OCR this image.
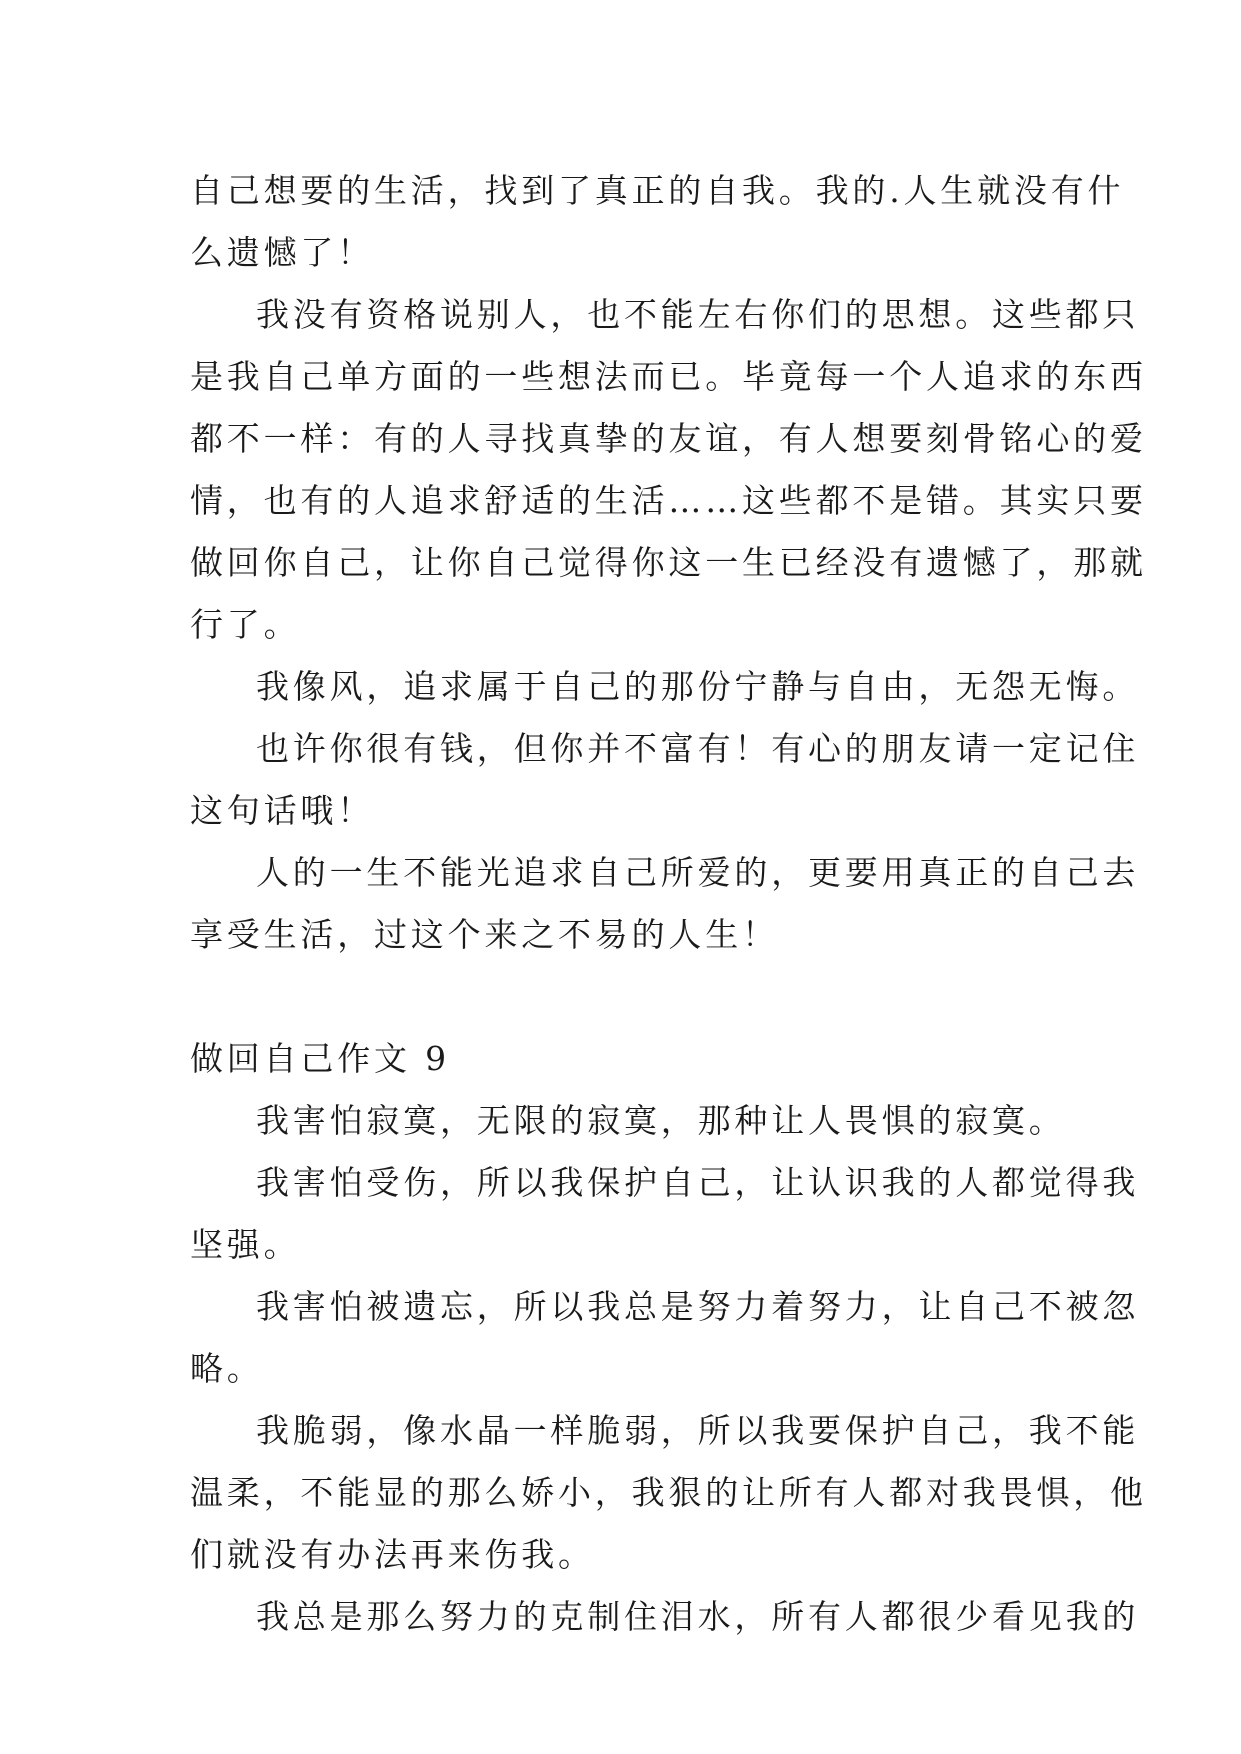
自己想要的生活，找到了真正的自我。我的.人生就没有什
么遗憾了！
我没有资格说别人，也不能左右你们的思想。这些都只
是我自己单方面的一些想法而已。毕竟每一个人追求的东西
都不一样：有的人寻找真挚的友谊，有人想要刻骨铭心的爱
情，也有的人追求舒适的生活……这些都不是错。其实只要
做回你自己，让你自己觉得你这一生已经没有遗憾了，那就
行了。
我像风，追求属于自己的那份宁静与自由，无怨无悔。
也许你很有钱，但你并不富有！有心的朋友请一定记住
这句话哦！
人的一生不能光追求自己所爱的，更要用真正的自己去
享受生活，过这个来之不易的人生！
做回自己作文 9
我害怕寂寞，无限的寂寞，那种让人畏惧的寂寞。
我害怕受伤，所以我保护自己，让认识我的人都觉得我
坚强。
我害怕被遗忘，所以我总是努力着努力，让自己不被忽
略。
我脆弱，像水晶一样脆弱，所以我要保护自己，我不能
温柔，不能显的那么娇小，我狠的让所有人都对我畏惧，他
们就没有办法再来伤我。
我总是那么努力的克制住泪水，所有人都很少看见我的
